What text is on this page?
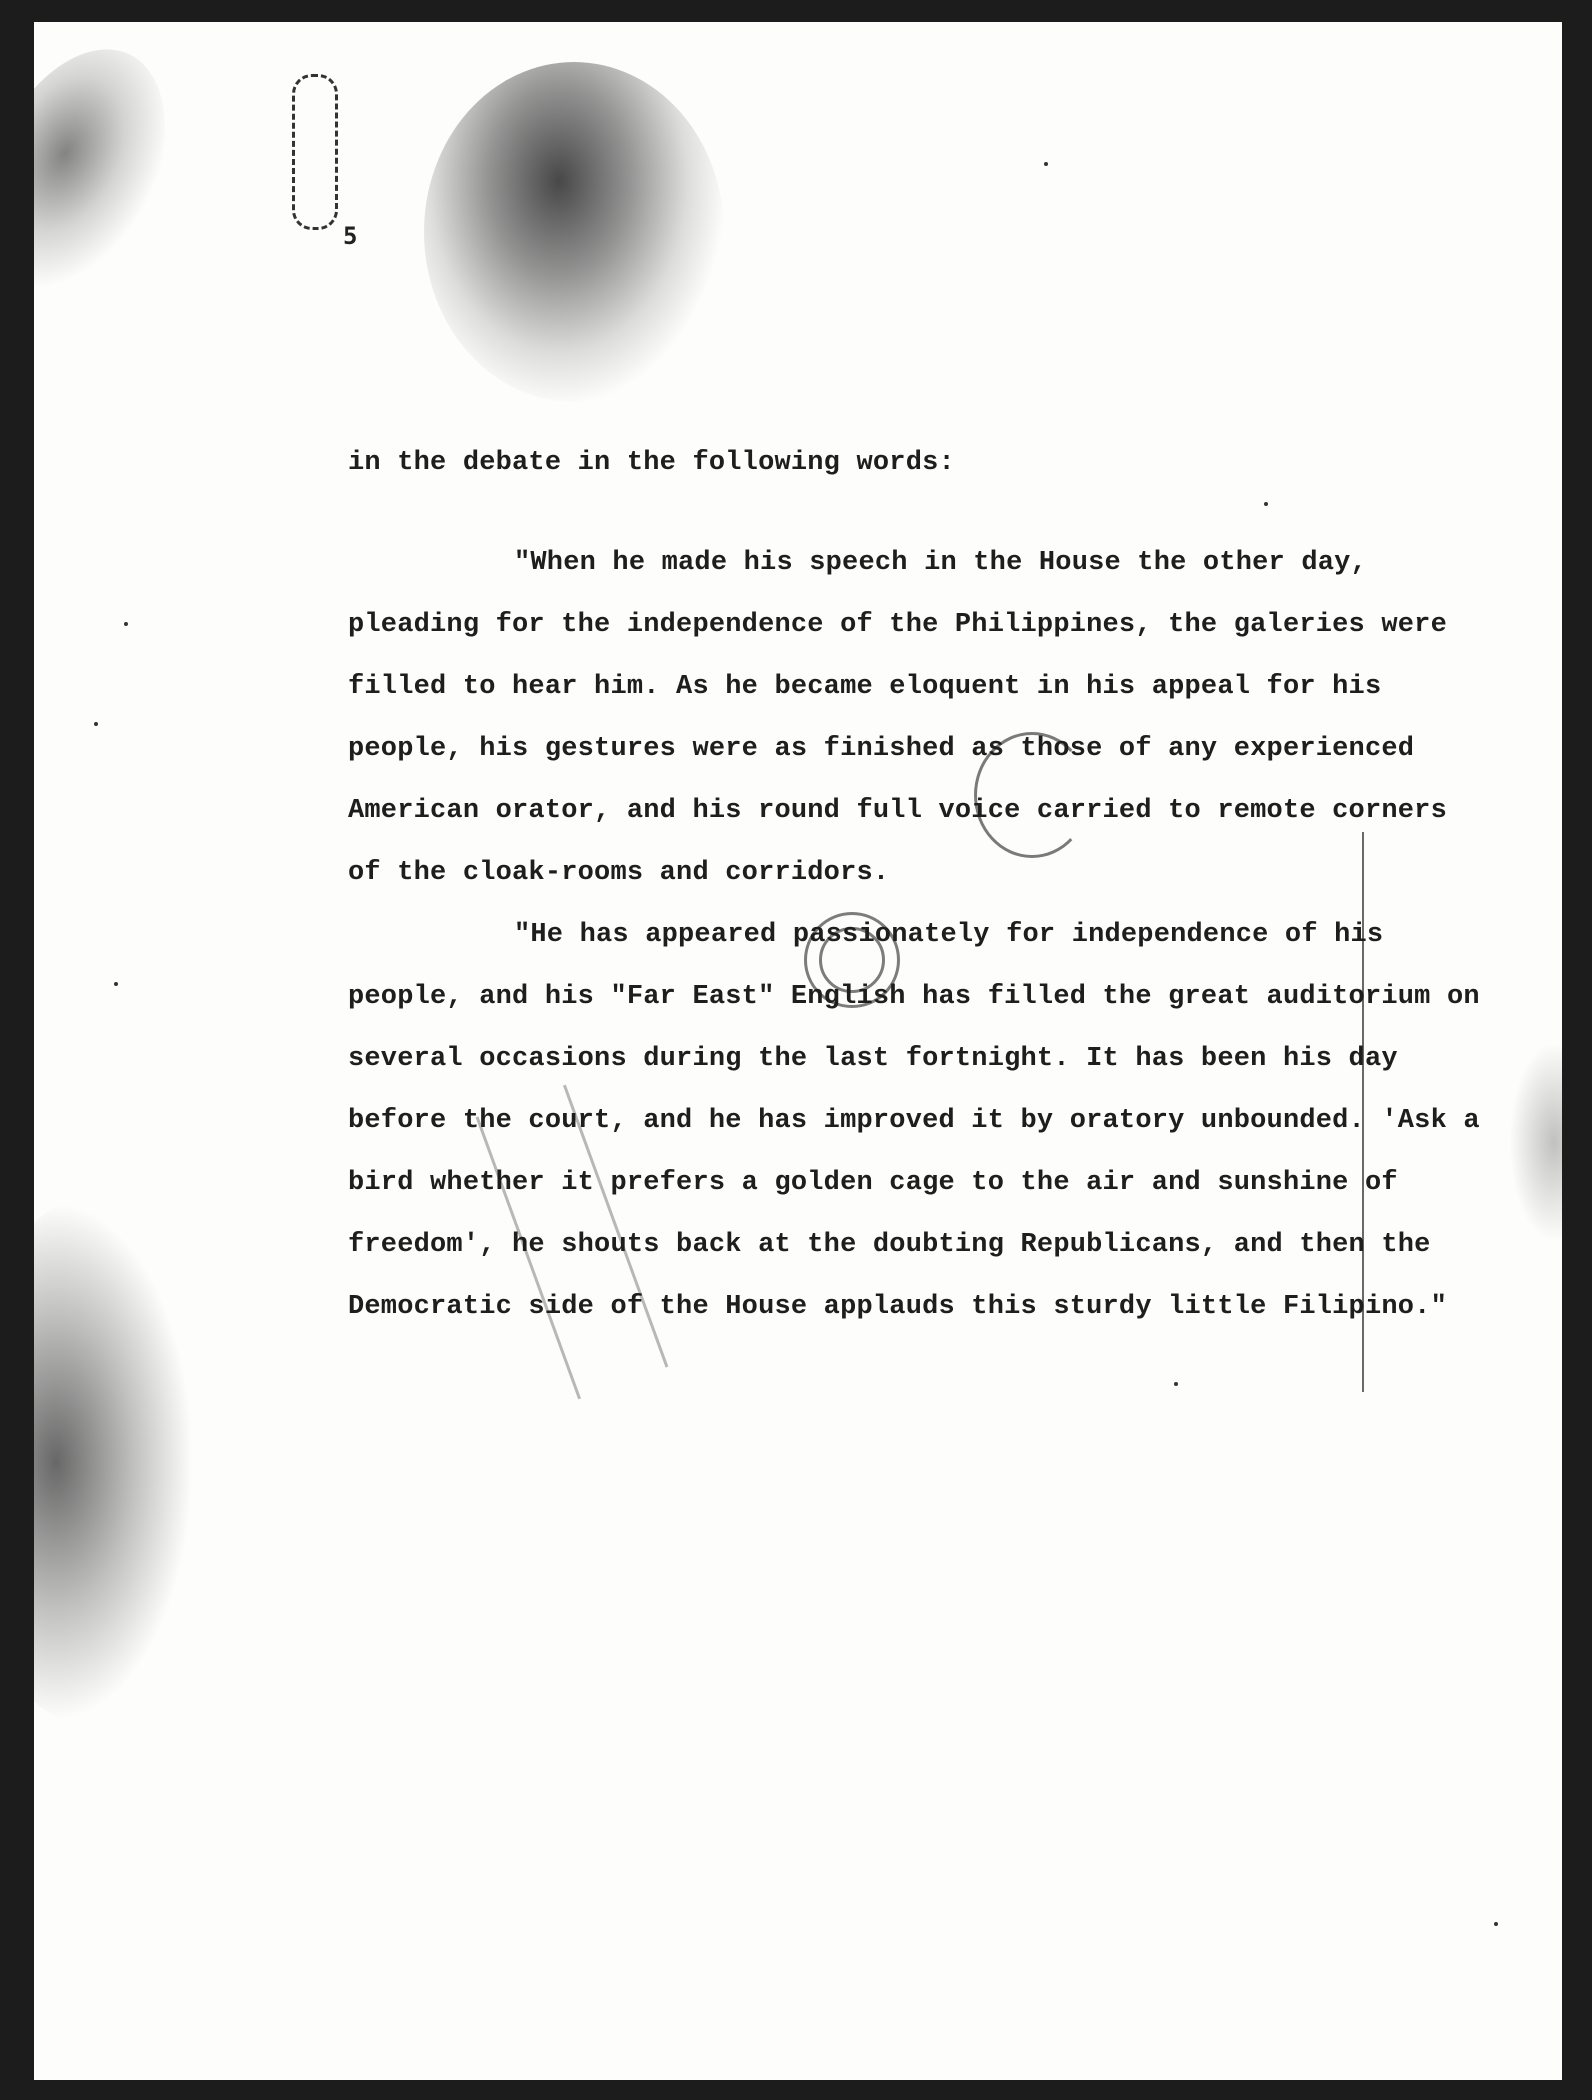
5

in the debate in the following words:

"When he made his speech in the House the other day, pleading for the independence of the Philippines, the galeries were filled to hear him. As he became eloquent in his appeal for his people, his gestures were as finished as those of any experienced American orator, and his round full voice carried to remote corners of the cloak-rooms and corridors.

"He has appeared passionately for independence of his people, and his "Far East" English has filled the great auditorium on several occasions during the last fortnight. It has been his day before the court, and he has improved it by oratory unbounded. 'Ask a bird whether it prefers a golden cage to the air and sunshine of freedom', he shouts back at the doubting Republicans, and then the Democratic side of the House applauds this sturdy little Filipino."
